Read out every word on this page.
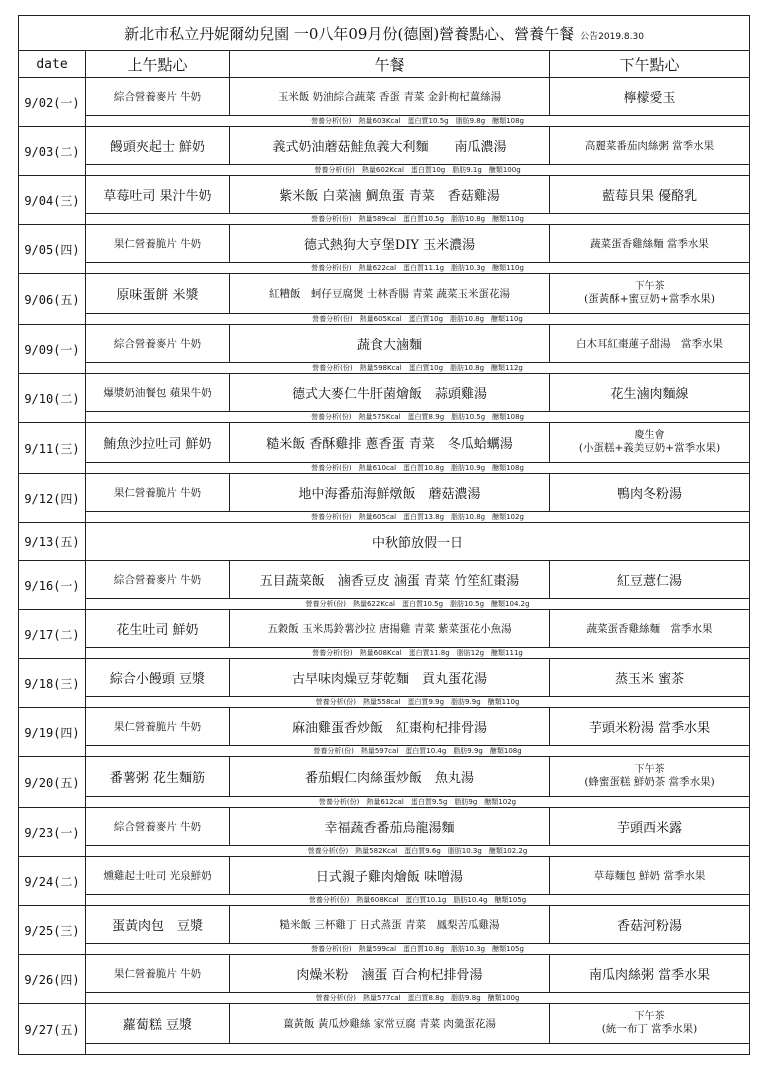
新北市私立丹妮爾幼兒園 一0八年09月份(德園)營養點心、營養午餐 公告2019.8.30			
date	上午點心	午餐	下午點心
9/02(一)	綜合營養麥片 牛奶	玉米飯 奶油綜合蔬菜 香蛋 青菜 金針枸杞薑絲湯	檸檬愛玉
	營養分析(份)　熱量603Kcal　蛋白質10.5g　脂肪9.8g　醣類108g		
9/03(二)	饅頭夾起士 鮮奶	義式奶油蘑菇鮭魚義大利麵　　南瓜濃湯	高麗菜番茄肉絲粥 當季水果
	營養分析(份)　熱量602Kcal　蛋白質10g　脂肪9.1g　醣類100g		
9/04(三)	草莓吐司 果汁牛奶	紫米飯 白菜滷 鯛魚蛋 青菜　香菇雞湯	藍莓貝果 優酪乳
	營養分析(份)　熱量589cal　蛋白質10.5g　脂肪10.8g　醣類110g		
9/05(四)	果仁營養脆片 牛奶	德式熱狗大亨堡DIY 玉米濃湯	蔬菜蛋香雞絲麵 當季水果
	營養分析(份)　熱量622cal　蛋白質11.1g　脂肪10.3g　醣類110g		
9/06(五)	原味蛋餅 米漿	紅糟飯　蚵仔豆腐煲 士林香腸 青菜 蔬菜玉米蛋花湯	下午茶
(蛋黃酥+蜜豆奶+當季水果)

	營養分析(份)　熱量605Kcal　蛋白質10g　脂肪10.8g　醣類110g		
9/09(一)	綜合營養麥片 牛奶	蔬食大滷麵	白木耳紅棗蓮子甜湯　當季水果
	營養分析(份)　熱量598Kcal　蛋白質10g　脂肪10.8g　醣類112g		
9/10(二)	爆漿奶油餐包 蘋果牛奶	德式大麥仁牛肝菌燴飯　蒜頭雞湯	花生滷肉麵線
	營養分析(份)　熱量575Kcal　蛋白質8.9g　脂肪10.5g　醣類108g		
9/11(三)	鮪魚沙拉吐司 鮮奶	糙米飯 香酥雞排 蔥香蛋 青菜　冬瓜蛤蠣湯	慶生會
(小蛋糕+義美豆奶+當季水果)

	營養分析(份)　熱量610cal　蛋白質10.8g　脂肪10.9g　醣類108g		
9/12(四)	果仁營養脆片 牛奶	地中海番茄海鮮燉飯　蘑菇濃湯	鴨肉冬粉湯
	營養分析(份)　熱量605cal　蛋白質13.8g　脂肪10.8g　醣類102g		
9/13(五)	中秋節放假一日		
9/16(一)	綜合營養麥片 牛奶	五目蔬菜飯　滷香豆皮 滷蛋 青菜 竹笙紅棗湯	紅豆薏仁湯
	營養分析(份)　熱量622Kcal　蛋白質10.5g　脂肪10.5g　醣類104.2g		
9/17(二)	花生吐司 鮮奶	五穀飯 玉米馬鈴薯沙拉 唐揚雞 青菜 紫菜蛋花小魚湯	蔬菜蛋香雞絲麵　當季水果
	營養分析(份)　熱量608Kcal　蛋白質11.8g　脂肪12g　醣類111g		
9/18(三)	綜合小饅頭 豆漿	古早味肉燥豆芽乾麵　貢丸蛋花湯	蒸玉米 蜜茶
	營養分析(份)　熱量558cal　蛋白質9.9g　脂肪9.9g　醣類110g		
9/19(四)	果仁營養脆片 牛奶	麻油雞蛋香炒飯　紅棗枸杞排骨湯	芋頭米粉湯 當季水果
	營養分析(份)　熱量597cal　蛋白質10.4g　脂肪9.9g　醣類108g		
9/20(五)	番薯粥 花生麵筋	番茄蝦仁肉絲蛋炒飯　魚丸湯	下午茶
(蜂蜜蛋糕 鮮奶茶 當季水果)

	營養分析(份)　熱量612cal　蛋白質9.5g　脂肪9g　醣類102g		
9/23(一)	綜合營養麥片 牛奶	幸福蔬香番茄烏龍湯麵	芋頭西米露
	營養分析(份)　熱量582Kcal　蛋白質9.6g　脂肪10.3g　醣類102.2g		
9/24(二)	燻雞起士吐司 光泉鮮奶	日式親子雞肉燴飯 味噌湯	草莓麵包 鮮奶 當季水果
	營養分析(份)　熱量608Kcal　蛋白質10.1g　脂肪10.4g　醣類105g		
9/25(三)	蛋黃肉包　豆漿	糙米飯 三杯雞丁 日式蒸蛋 青菜　鳳梨苦瓜雞湯	香菇河粉湯
	營養分析(份)　熱量599cal　蛋白質10.8g　脂肪10.3g　醣類105g		
9/26(四)	果仁營養脆片 牛奶	肉燥米粉　滷蛋 百合枸杞排骨湯	南瓜肉絲粥 當季水果
	營養分析(份)　熱量577cal　蛋白質8.8g　脂肪9.8g　醣類100g		
9/27(五)	蘿蔔糕 豆漿	薑黃飯 黃瓜炒雞絲 家常豆腐 青菜 肉羹蛋花湯	下午茶
(統一布丁 當季水果)
